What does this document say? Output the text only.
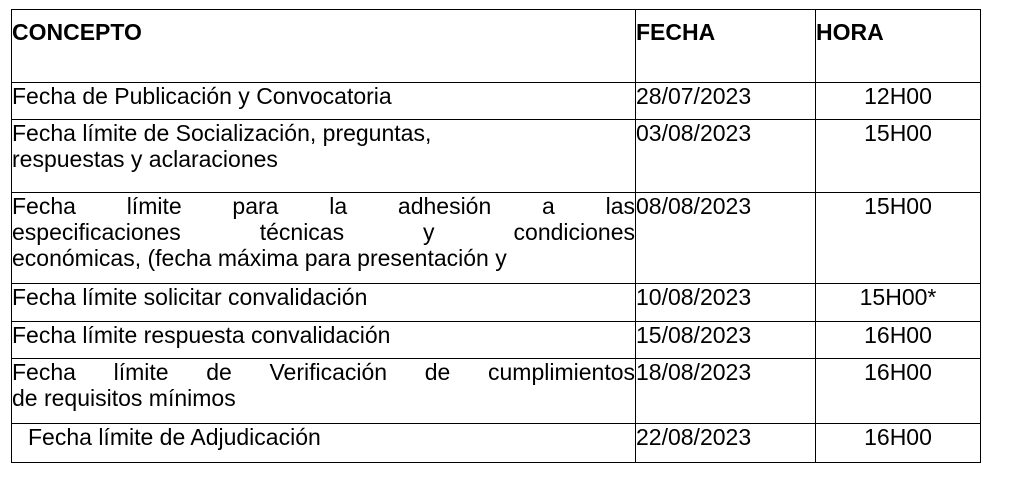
CONCEPTO	FECHA	HORA
Fecha de Publicación y Convocatoria	28/07/2023	12H00

Fecha límite de Socialización, preguntas,
respuestas y aclaraciones	03/08/2023	15H00

Fecha límite para la adhesión a las
especificaciones técnicas y condiciones
económicas, (fecha máxima para presentación y	08/08/2023	15H00
Fecha límite solicitar convalidación	10/08/2023	15H00*
Fecha límite respuesta convalidación	15/08/2023	16H00

Fecha límite de Verificación de cumplimientos
de requisitos mínimos	18/08/2023	16H00
Fecha límite de Adjudicación	22/08/2023	16H00
